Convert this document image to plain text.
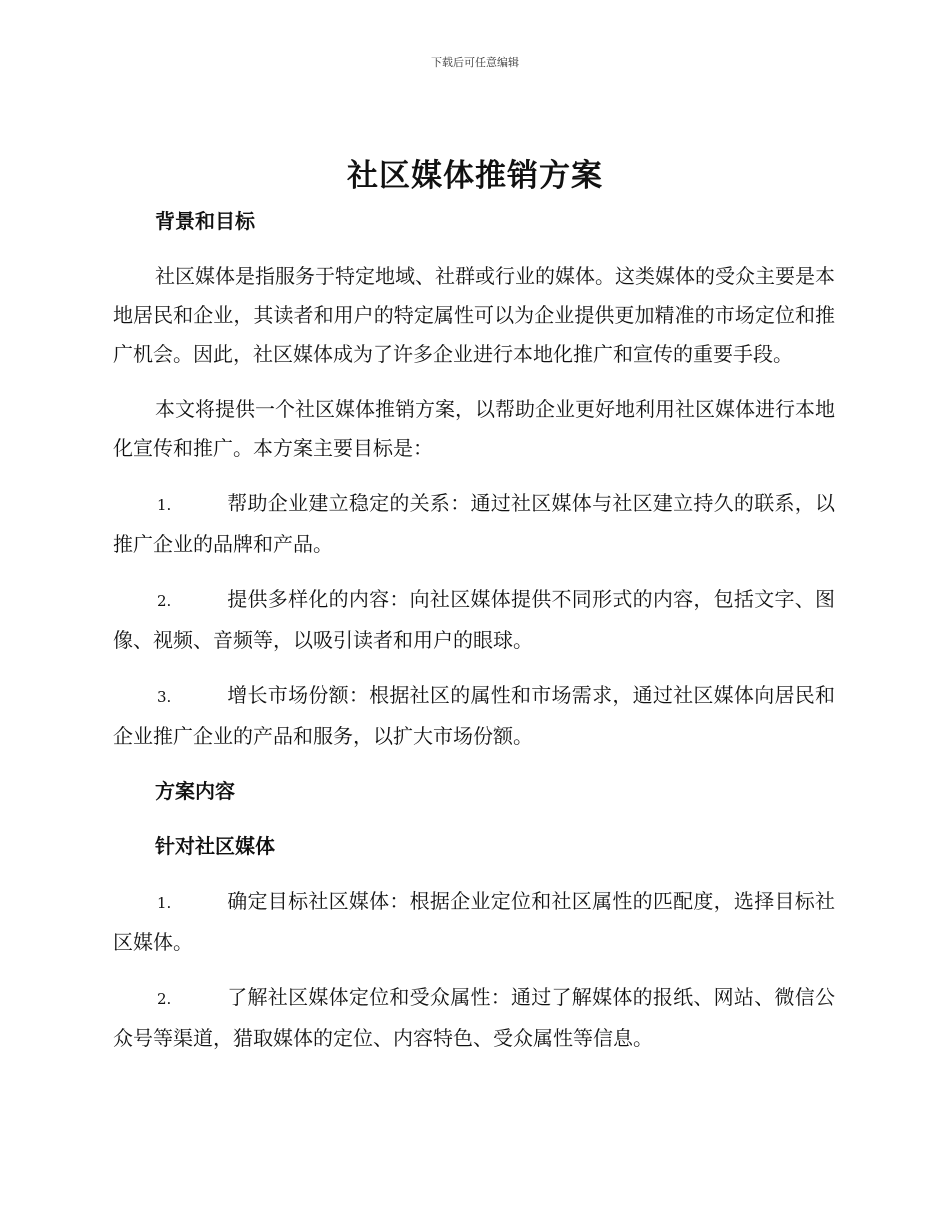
下载后可任意编辑
社区媒体推销方案

背景和目标

社区媒体是指服务于特定地域、社群或行业的媒体。这类媒体的受众主要是本地居民和企业，其读者和用户的特定属性可以为企业提供更加精准的市场定位和推广机会。因此，社区媒体成为了许多企业进行本地化推广和宣传的重要手段。

本文将提供一个社区媒体推销方案，以帮助企业更好地利用社区媒体进行本地化宣传和推广。本方案主要目标是：

1.	帮助企业建立稳定的关系：通过社区媒体与社区建立持久的联系，以推广企业的品牌和产品。

2.	提供多样化的内容：向社区媒体提供不同形式的内容，包括文字、图像、视频、音频等，以吸引读者和用户的眼球。

3.	增长市场份额：根据社区的属性和市场需求，通过社区媒体向居民和企业推广企业的产品和服务，以扩大市场份额。

方案内容

针对社区媒体

1.	确定目标社区媒体：根据企业定位和社区属性的匹配度，选择目标社区媒体。

2.	了解社区媒体定位和受众属性：通过了解媒体的报纸、网站、微信公众号等渠道，猎取媒体的定位、内容特色、受众属性等信息。
